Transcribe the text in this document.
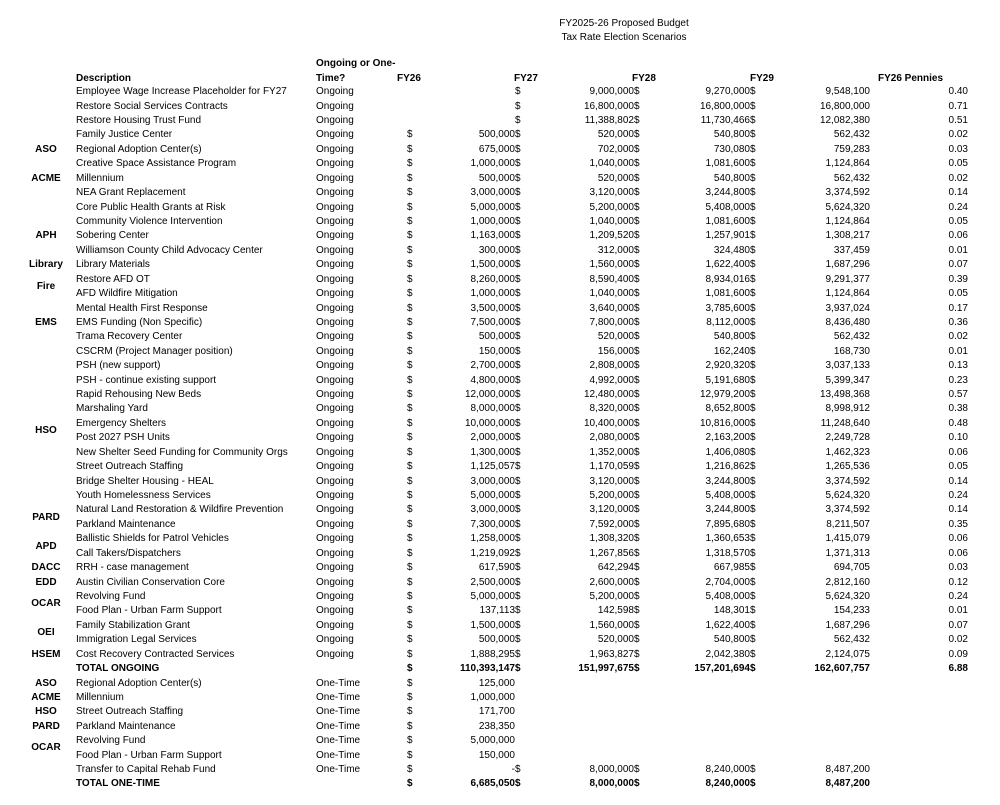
FY2025-26 Proposed Budget
Tax Rate Election Scenarios
Ongoing or One-
Time?
Description	FY26	FY27	FY28	FY29	FY26 Pennies
	Employee Wage Increase Placeholder for FY27	Ongoing			$	9,000,000	$	9,270,000	$	9,548,100	0.40
	Restore Social Services Contracts	Ongoing			$	16,800,000	$	16,800,000	$	16,800,000	0.71
	Restore Housing Trust Fund	Ongoing			$	11,388,802	$	11,730,466	$	12,082,380	0.51
	Family Justice Center	Ongoing	$	500,000	$	520,000	$	540,800	$	562,432	0.02
ASO	Regional Adoption Center(s)	Ongoing	$	675,000	$	702,000	$	730,080	$	759,283	0.03
	Creative Space Assistance Program	Ongoing	$	1,000,000	$	1,040,000	$	1,081,600	$	1,124,864	0.05
ACME	Millennium	Ongoing	$	500,000	$	520,000	$	540,800	$	562,432	0.02
	NEA Grant Replacement	Ongoing	$	3,000,000	$	3,120,000	$	3,244,800	$	3,374,592	0.14
	Core Public Health Grants at Risk	Ongoing	$	5,000,000	$	5,200,000	$	5,408,000	$	5,624,320	0.24
APH	Community Violence Intervention	Ongoing	$	1,000,000	$	1,040,000	$	1,081,600	$	1,124,864	0.05
	Sobering Center	Ongoing	$	1,163,000	$	1,209,520	$	1,257,901	$	1,308,217	0.06
	Williamson County Child Advocacy Center	Ongoing	$	300,000	$	312,000	$	324,480	$	337,459	0.01
Library	Library Materials	Ongoing	$	1,500,000	$	1,560,000	$	1,622,400	$	1,687,296	0.07
Fire	Restore AFD OT	Ongoing	$	8,260,000	$	8,590,400	$	8,934,016	$	9,291,377	0.39
	AFD Wildfire Mitigation	Ongoing	$	1,000,000	$	1,040,000	$	1,081,600	$	1,124,864	0.05
EMS	Mental Health First Response	Ongoing	$	3,500,000	$	3,640,000	$	3,785,600	$	3,937,024	0.17
	EMS Funding (Non Specific)	Ongoing	$	7,500,000	$	7,800,000	$	8,112,000	$	8,436,480	0.36
	Trama Recovery Center	Ongoing	$	500,000	$	520,000	$	540,800	$	562,432	0.02
	CSCRM (Project Manager position)	Ongoing	$	150,000	$	156,000	$	162,240	$	168,730	0.01
HSO	PSH (new support)	Ongoing	$	2,700,000	$	2,808,000	$	2,920,320	$	3,037,133	0.13
	PSH - continue existing support	Ongoing	$	4,800,000	$	4,992,000	$	5,191,680	$	5,399,347	0.23
	Rapid Rehousing New Beds	Ongoing	$	12,000,000	$	12,480,000	$	12,979,200	$	13,498,368	0.57
	Marshaling Yard	Ongoing	$	8,000,000	$	8,320,000	$	8,652,800	$	8,998,912	0.38
	Emergency Shelters	Ongoing	$	10,000,000	$	10,400,000	$	10,816,000	$	11,248,640	0.48
	Post 2027 PSH Units	Ongoing	$	2,000,000	$	2,080,000	$	2,163,200	$	2,249,728	0.10
	New Shelter Seed Funding for Community Orgs	Ongoing	$	1,300,000	$	1,352,000	$	1,406,080	$	1,462,323	0.06
	Street Outreach Staffing	Ongoing	$	1,125,057	$	1,170,059	$	1,216,862	$	1,265,536	0.05
	Bridge Shelter Housing - HEAL	Ongoing	$	3,000,000	$	3,120,000	$	3,244,800	$	3,374,592	0.14
	Youth Homelessness Services	Ongoing	$	5,000,000	$	5,200,000	$	5,408,000	$	5,624,320	0.24
PARD	Natural Land Restoration & Wildfire Prevention	Ongoing	$	3,000,000	$	3,120,000	$	3,244,800	$	3,374,592	0.14
	Parkland Maintenance	Ongoing	$	7,300,000	$	7,592,000	$	7,895,680	$	8,211,507	0.35
APD	Ballistic Shields for Patrol Vehicles	Ongoing	$	1,258,000	$	1,308,320	$	1,360,653	$	1,415,079	0.06
	Call Takers/Dispatchers	Ongoing	$	1,219,092	$	1,267,856	$	1,318,570	$	1,371,313	0.06
DACC	RRH - case management	Ongoing	$	617,590	$	642,294	$	667,985	$	694,705	0.03
EDD	Austin Civilian Conservation Core	Ongoing	$	2,500,000	$	2,600,000	$	2,704,000	$	2,812,160	0.12
OCAR	Revolving Fund	Ongoing	$	5,000,000	$	5,200,000	$	5,408,000	$	5,624,320	0.24
	Food Plan - Urban Farm Support	Ongoing	$	137,113	$	142,598	$	148,301	$	154,233	0.01
OEI	Family Stabilization Grant	Ongoing	$	1,500,000	$	1,560,000	$	1,622,400	$	1,687,296	0.07
	Immigration Legal Services	Ongoing	$	500,000	$	520,000	$	540,800	$	562,432	0.02
HSEM	Cost Recovery Contracted Services	Ongoing	$	1,888,295	$	1,963,827	$	2,042,380	$	2,124,075	0.09
	TOTAL ONGOING		$	110,393,147	$	151,997,675	$	157,201,694	$	162,607,757	6.88
ASO	Regional Adoption Center(s)	One-Time	$	125,000							
ACME	Millennium	One-Time	$	1,000,000							
HSO	Street Outreach Staffing	One-Time	$	171,700							
PARD	Parkland Maintenance	One-Time	$	238,350							
OCAR	Revolving Fund	One-Time	$	5,000,000							
	Food Plan - Urban Farm Support	One-Time	$	150,000							
	Transfer to Capital Rehab Fund	One-Time	$	-	$	8,000,000	$	8,240,000	$	8,487,200	
	TOTAL ONE-TIME		$	6,685,050	$	8,000,000	$	8,240,000	$	8,487,200	
